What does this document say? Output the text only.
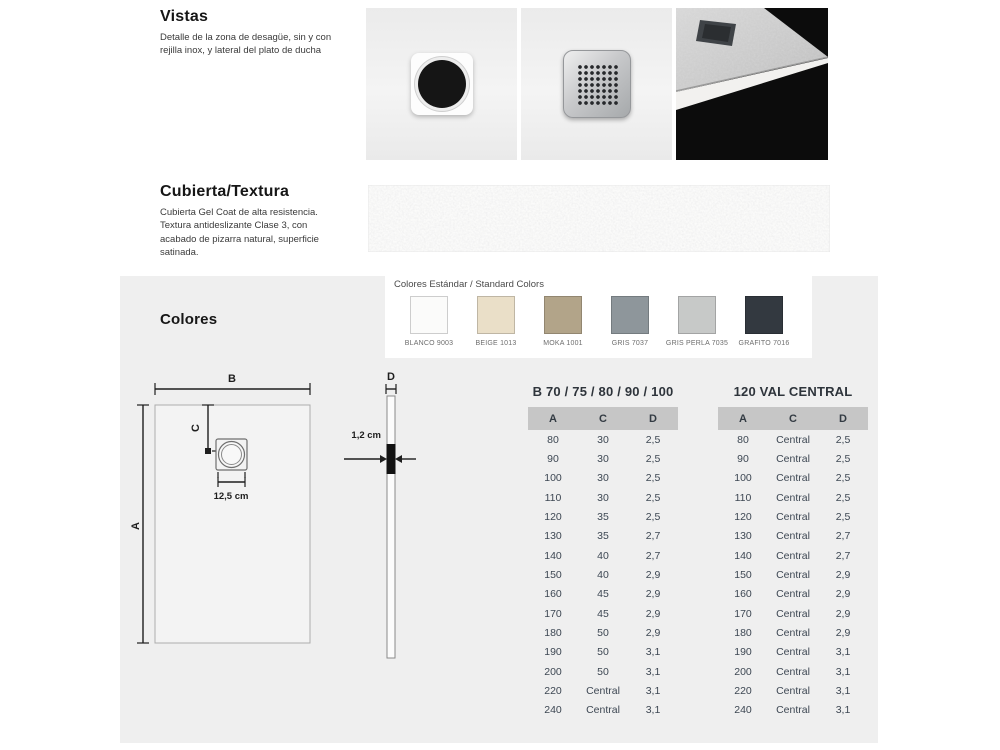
Vistas

Detalle de la zona de desagüe, sin y con rejilla inox, y lateral del plato de ducha

Cubierta/Textura

Cubierta Gel Coat de alta resistencia. Textura antideslizante Clase 3, con acabado de pizarra natural, superficie satinada.

Colores
Colores Estándar / Standard Colors
BLANCO 9003	BEIGE 1013	MOKA 1001	GRIS 7037	GRIS PERLA 7035 GRAFITO 7016
B
A
C
12,5 cm
D
1,2 cm
B 70 / 75 / 80 / 90 / 100
A	C	D
80	30	2,5
90	30	2,5
100	30	2,5
110	30	2,5
120	35	2,5
130	35	2,7
140	40	2,7
150	40	2,9
160	45	2,9
170	45	2,9
180	50	2,9
190	50	3,1
200	50	3,1
220	Central	3,1
240	Central	3,1
120 VAL CENTRAL
A	C	D
80	Central	2,5
90	Central	2,5
100	Central	2,5
110	Central	2,5
120	Central	2,5
130	Central	2,7
140	Central	2,7
150	Central	2,9
160	Central	2,9
170	Central	2,9
180	Central	2,9
190	Central	3,1
200	Central	3,1
220	Central	3,1
240	Central	3,1
